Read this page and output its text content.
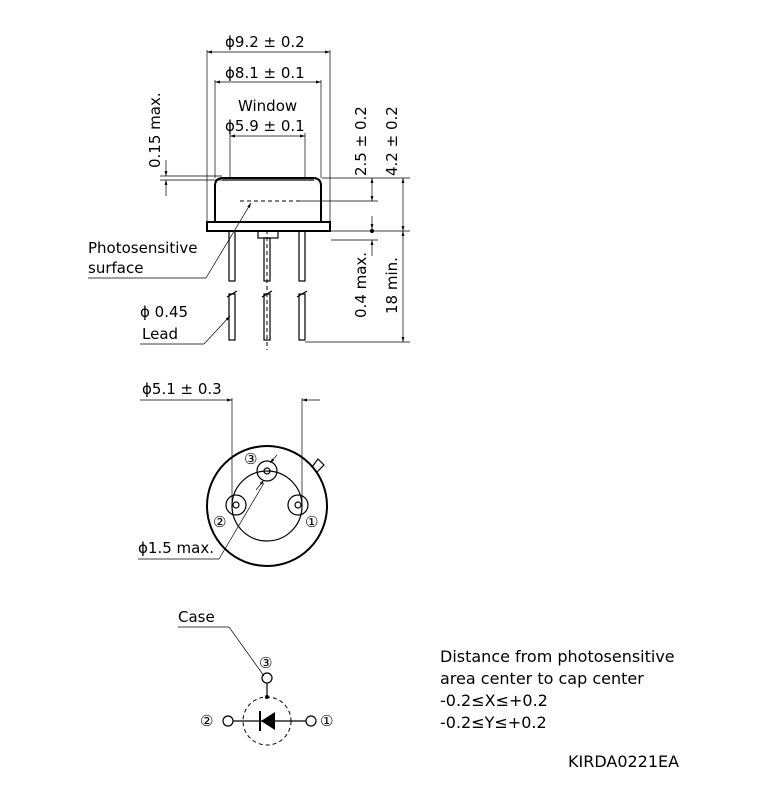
ϕ9.2 ± 0.2
ϕ8.1 ± 0.1
Window
ϕ5.9 ± 0.1
0.15 max.	2.5 ± 0.2 4.2 ± 0.2
0.4 max. 18 min.
Photosensitive
surface
ϕ 0.45
Lead
ϕ5.1 ± 0.3
③
②	①
ϕ1.5 max.
Case
③
②	①
Distance from photosensitive
area center to cap center
-0.2≤X≤+0.2
-0.2≤Y≤+0.2
KIRDA0221EA
